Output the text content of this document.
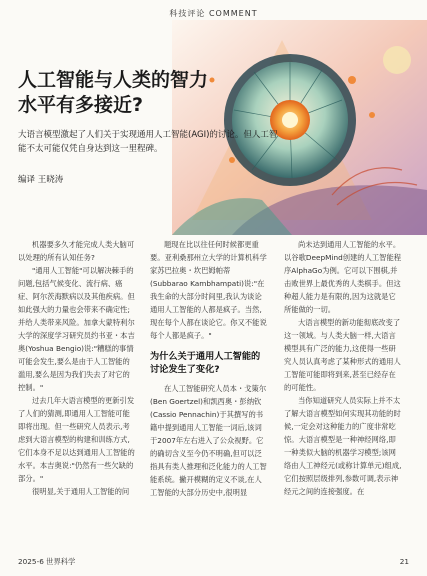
科技评论 COMMENT
人工智能与人类的智力
水平有多接近?
大语言模型激起了人们关于实现通用人工智能(AGI)的讨论。但人工智能不太可能仅凭自身达到这一里程碑。
编译 王晓涛

机器要多久才能完成人类大脑可以处理的所有认知任务?

"通用人工智能"可以解决棘手的问题,包括气候变化、流行病、癌症、阿尔茨海默病以及其他疾病。但如此强大的力量也会带来不确定性;并给人类带来风险。加拿大蒙特利尔大学的深度学习研究员约书亚・本吉奥(Yoshua Bengio)说:"糟糕的事情可能会发生,要么是由于人工智能的滥用,要么是因为我们失去了对它的控制。"

过去几年大语言模型的更新引发了人们的猜测,即通用人工智能可能即将出现。但一些研究人员表示,考虑到大语言模型的构建和训练方式,它们本身不足以达到通用人工智能的水平。本吉奥说:"仍然有一些欠缺的部分。"

很明显,关于通用人工智能的问

题现在比以往任何时候都更重要。亚利桑那州立大学的计算机科学家苏巴拉奥・坎巴姆帕蒂(Subbarao Kambhampati)说:"在我生命的大部分时间里,我认为谈论通用人工智能的人都是疯子。当然,现在每个人都在谈论它。你又不能说每个人都是疯子。"

为什么关于通用人工智能的讨论发生了变化?

在人工智能研究人员本・戈策尔(Ben Goertzel)和凯西奥・彭纳钦(Cassio Pennachin)于其撰写的书籍中提到通用人工智能一词后,该词于2007年左右进入了公众视野。它的确切含义至今仍不明确,但可以泛指具有类人推理和泛化能力的人工智能系统。撇开模糊的定义不谈,在人工智能的大部分历史中,很明显

尚未达到通用人工智能的水平。以谷歌DeepMind创建的人工智能程序AlphaGo为例。它可以下围棋,并击败世界上最优秀的人类棋手。但这种超人能力是有限的,因为这就是它所能做的一切。

大语言模型的新功能彻底改变了这一领域。与人类大脑一样,大语言模型具有广泛的能力,这使得一些研究人员认真考虑了某种形式的通用人工智能可能即将到来,甚至已经存在的可能性。

当你知道研究人员实际上并不太了解大语言模型如何实现其功能的时候,一定会对这种能力的广度非常吃惊。大语言模型是一种神经网络,即一种类似大脑的机器学习模型;该网络由人工神经元(或称计算单元)组成,它们按照层级排列,参数可调,表示神经元之间的连接强度。在

2025-6 世界科学	21
